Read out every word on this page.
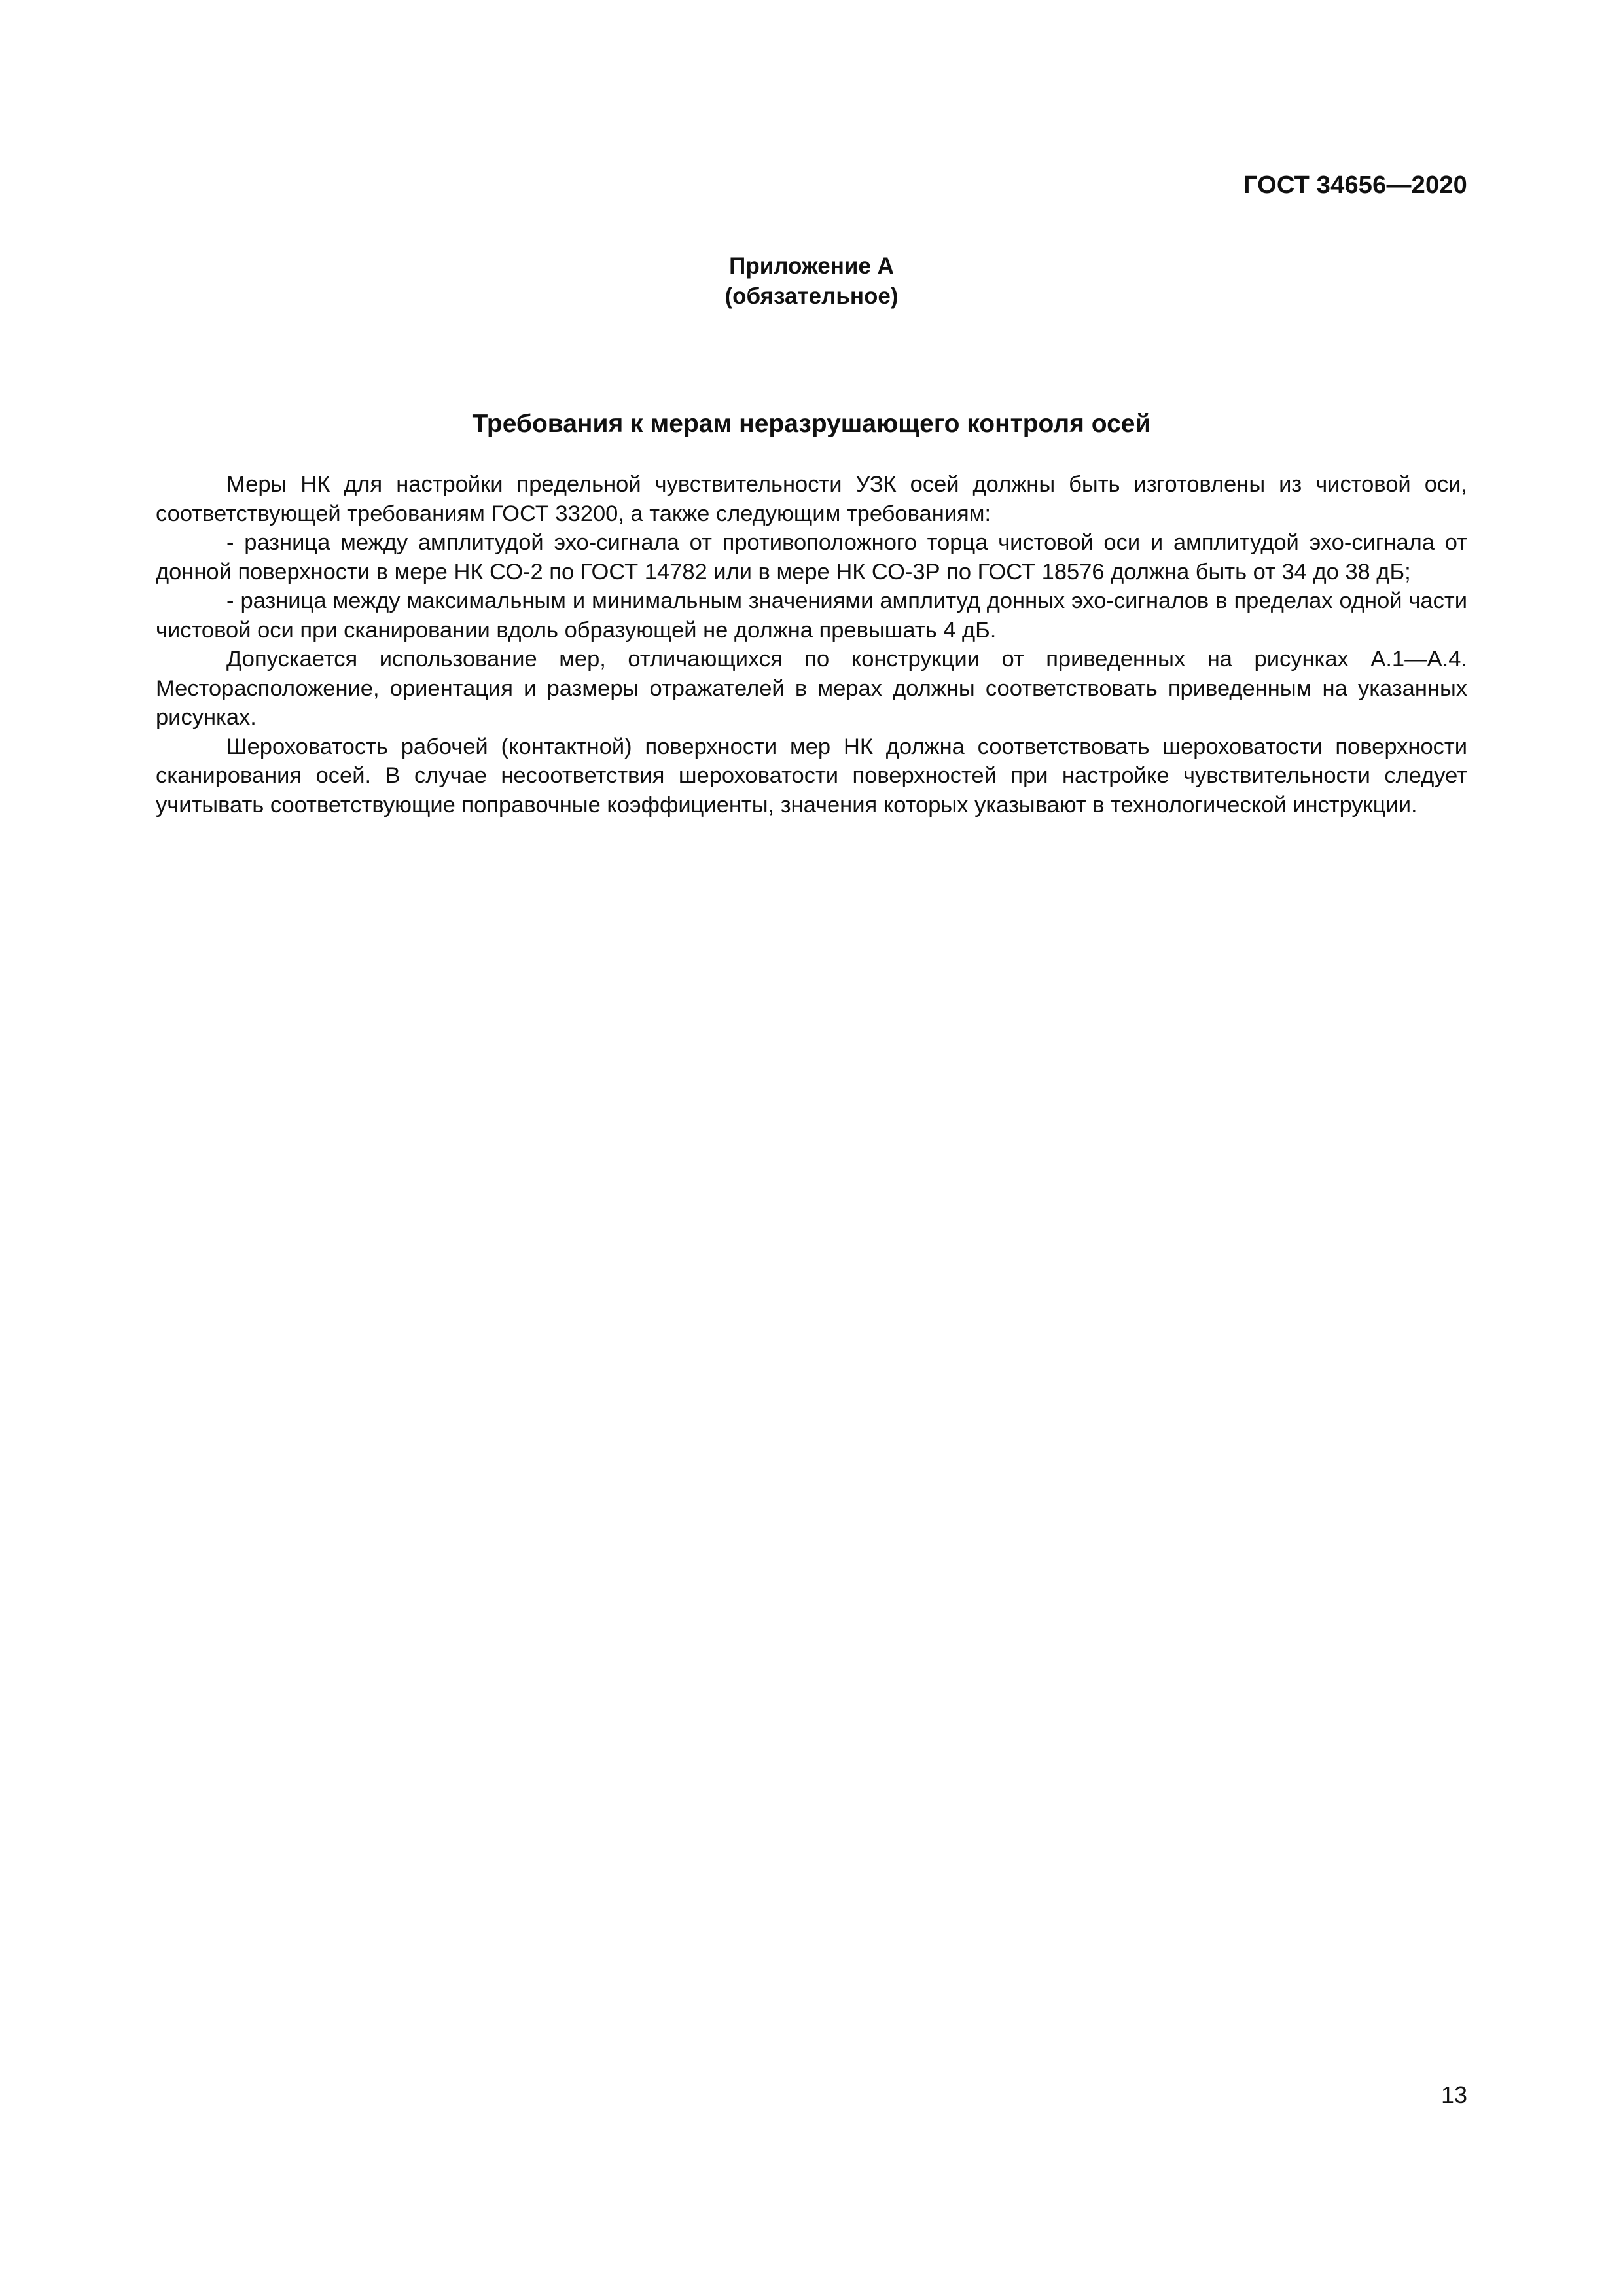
ГОСТ 34656—2020
Приложение А
(обязательное)
Требования к мерам неразрушающего контроля осей

Меры НК для настройки предельной чувствительности УЗК осей должны быть изготовлены из чистовой оси, соответствующей требованиям ГОСТ 33200, а также следующим требованиям:

- разница между амплитудой эхо-сигнала от противоположного торца чистовой оси и амплитудой эхо-сигнала от донной поверхности в мере НК СО-2 по ГОСТ 14782 или в мере НК СО-3Р по ГОСТ 18576 должна быть от 34 до 38 дБ;

- разница между максимальным и минимальным значениями амплитуд донных эхо-сигналов в пределах одной части чистовой оси при сканировании вдоль образующей не должна превышать 4 дБ.

Допускается использование мер, отличающихся по конструкции от приведенных на рисунках А.1—А.4. Месторасположение, ориентация и размеры отражателей в мерах должны соответствовать приведенным на указанных рисунках.

Шероховатость рабочей (контактной) поверхности мер НК должна соответствовать шероховатости поверхности сканирования осей. В случае несоответствия шероховатости поверхностей при настройке чувствительности следует учитывать соответствующие поправочные коэффициенты, значения которых указывают в технологической инструкции.

13
